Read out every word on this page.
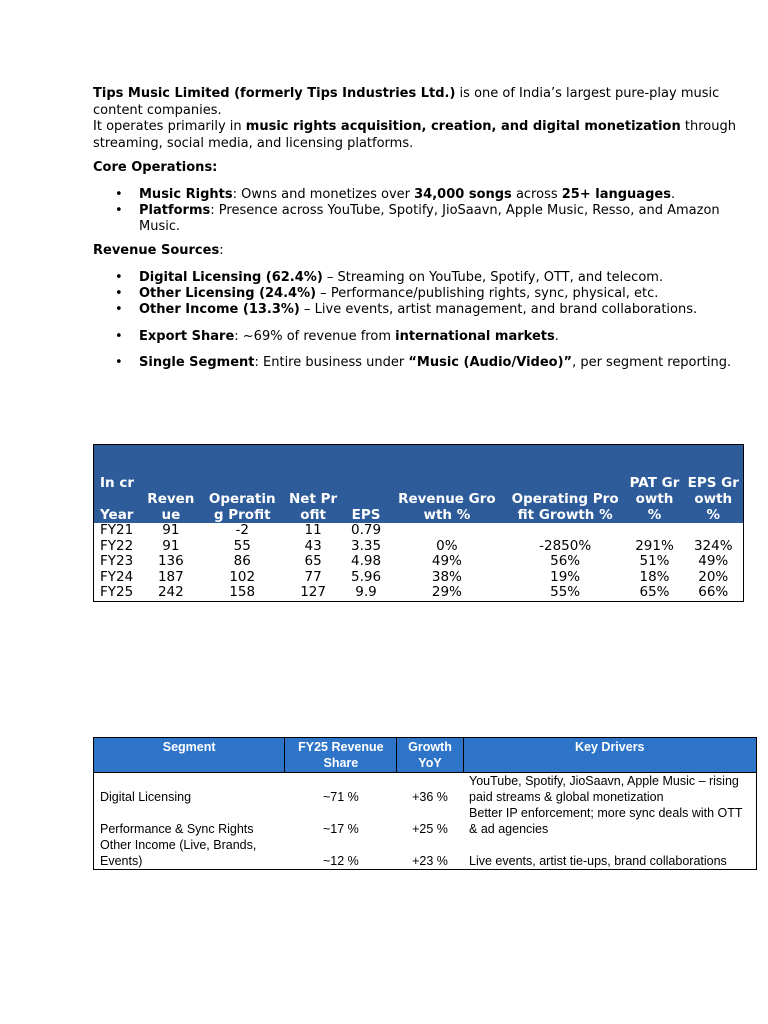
Tips Music Limited (formerly Tips Industries Ltd.) is one of India’s largest pure-play music content companies.
It operates primarily in music rights acquisition, creation, and digital monetization through streaming, social media, and licensing platforms.

Core Operations:

• Music Rights: Owns and monetizes over 34,000 songs across 25+ languages.
• Platforms: Presence across YouTube, Spotify, JioSaavn, Apple Music, Resso, and Amazon Music.

Revenue Sources:

• Digital Licensing (62.4%) – Streaming on YouTube, Spotify, OTT, and telecom.
• Other Licensing (24.4%) – Performance/publishing rights, sync, physical, etc.
• Other Income (13.3%) – Live events, artist management, and brand collaborations.
• Export Share: ~69% of revenue from international markets.
• Single Segment: Entire business under “Music (Audio/Video)”, per segment reporting.
In cr

Year	Revenue	Operating Profit	Net Profit	EPS	Revenue Growth %	Operating Profit Growth %	PAT Growth %	EPS Growth %
FY21	91	-2	11	0.79				
FY22	91	55	43	3.35	0%	-2850%	291%	324%
FY23	136	86	65	4.98	49%	56%	51%	49%
FY24	187	102	77	5.96	38%	19%	18%	20%
FY25	242	158	127	9.9	29%	55%	65%	66%
Segment	FY25 Revenue Share	Growth YoY	Key Drivers
Digital Licensing	~71 %	+36 %	YouTube, Spotify, JioSaavn, Apple Music – rising paid streams & global monetization
Performance & Sync Rights	~17 %	+25 %	Better IP enforcement; more sync deals with OTT & ad agencies
Other Income (Live, Brands, Events)	~12 %	+23 %	Live events, artist tie-ups, brand collaborations
